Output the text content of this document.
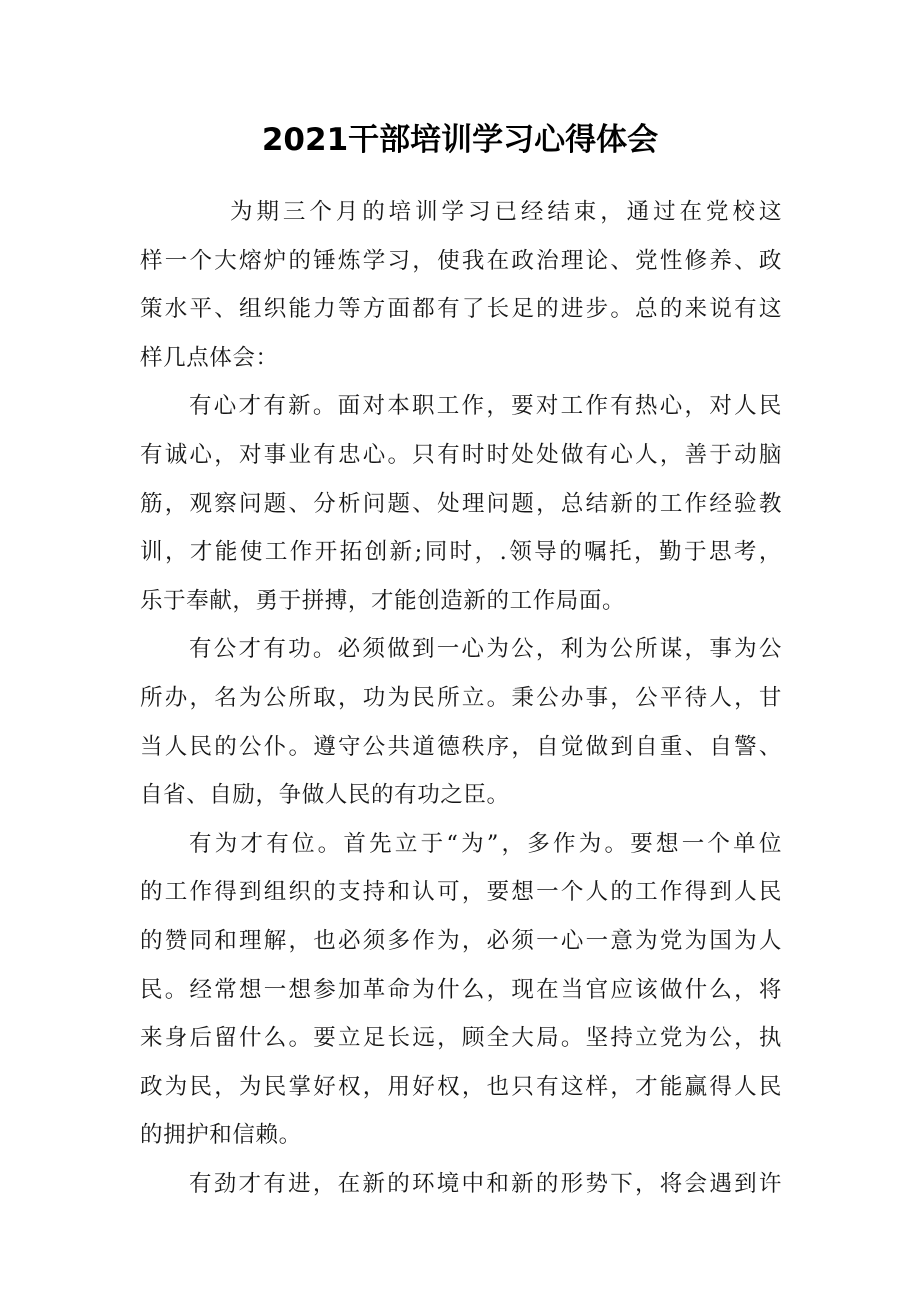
2021干部培训学习心得体会
为期三个月的培训学习已经结束，通过在党校这
样一个大熔炉的锤炼学习，使我在政治理论、党性修养、政
策水平、组织能力等方面都有了长足的进步。总的来说有这
样几点体会：
有心才有新。面对本职工作，要对工作有热心，对人民
有诚心，对事业有忠心。只有时时处处做有心人，善于动脑
筋，观察问题、分析问题、处理问题，总结新的工作经验教
训，才能使工作开拓创新;同时，.领导的嘱托，勤于思考，
乐于奉献，勇于拼搏，才能创造新的工作局面。
有公才有功。必须做到一心为公，利为公所谋，事为公
所办，名为公所取，功为民所立。秉公办事，公平待人，甘
当人民的公仆。遵守公共道德秩序，自觉做到自重、自警、
自省、自励，争做人民的有功之臣。
有为才有位。首先立于“为”，多作为。要想一个单位
的工作得到组织的支持和认可，要想一个人的工作得到人民
的赞同和理解，也必须多作为，必须一心一意为党为国为人
民。经常想一想参加革命为什么，现在当官应该做什么，将
来身后留什么。要立足长远，顾全大局。坚持立党为公，执
政为民，为民掌好权，用好权，也只有这样，才能赢得人民
的拥护和信赖。
有劲才有进，在新的环境中和新的形势下，将会遇到许
